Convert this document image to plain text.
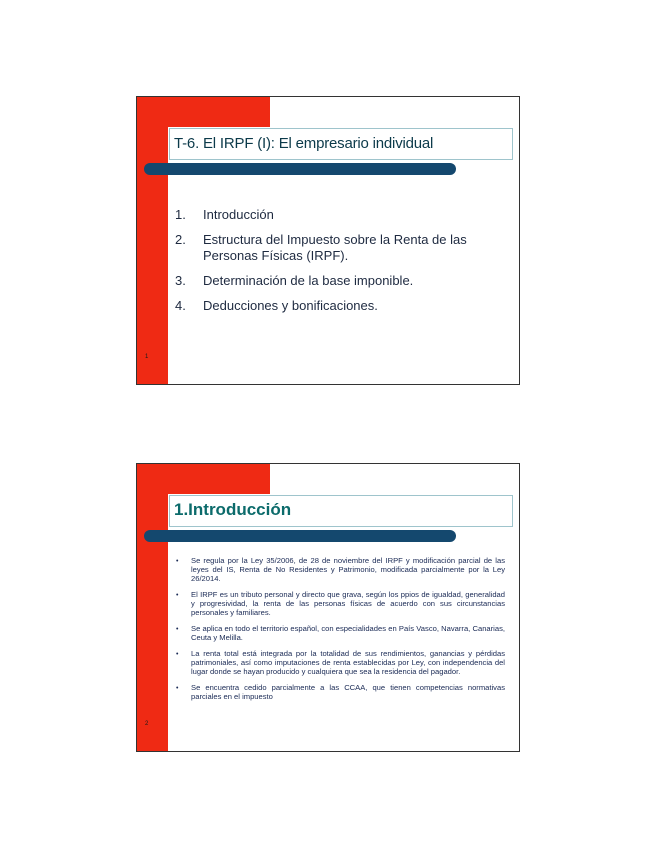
T-6. El IRPF (I): El empresario individual
1. Introducción
2. Estructura del Impuesto sobre la Renta de las Personas Físicas (IRPF).
3. Determinación de la base imponible.
4. Deducciones y bonificaciones.
1
1.Introducción
• Se regula por la Ley 35/2006, de 28 de noviembre del IRPF y modificación parcial de las leyes del IS, Renta de No Residentes y Patrimonio, modificada parcialmente por la Ley 26/2014.
• El IRPF es un tributo personal y directo que grava, según los ppios de igualdad, generalidad y progresividad, la renta de las personas físicas de acuerdo con sus circunstancias personales y familiares.
• Se aplica en todo el territorio español, con especialidades en País Vasco, Navarra, Canarias, Ceuta y Melilla.
• La renta total está integrada por la totalidad de sus rendimientos, ganancias y pérdidas patrimoniales, así como imputaciones de renta establecidas por Ley, con independencia del lugar donde se hayan producido y cualquiera que sea la residencia del pagador.
• Se encuentra cedido parcialmente a las CCAA, que tienen competencias normativas parciales en el impuesto
2
